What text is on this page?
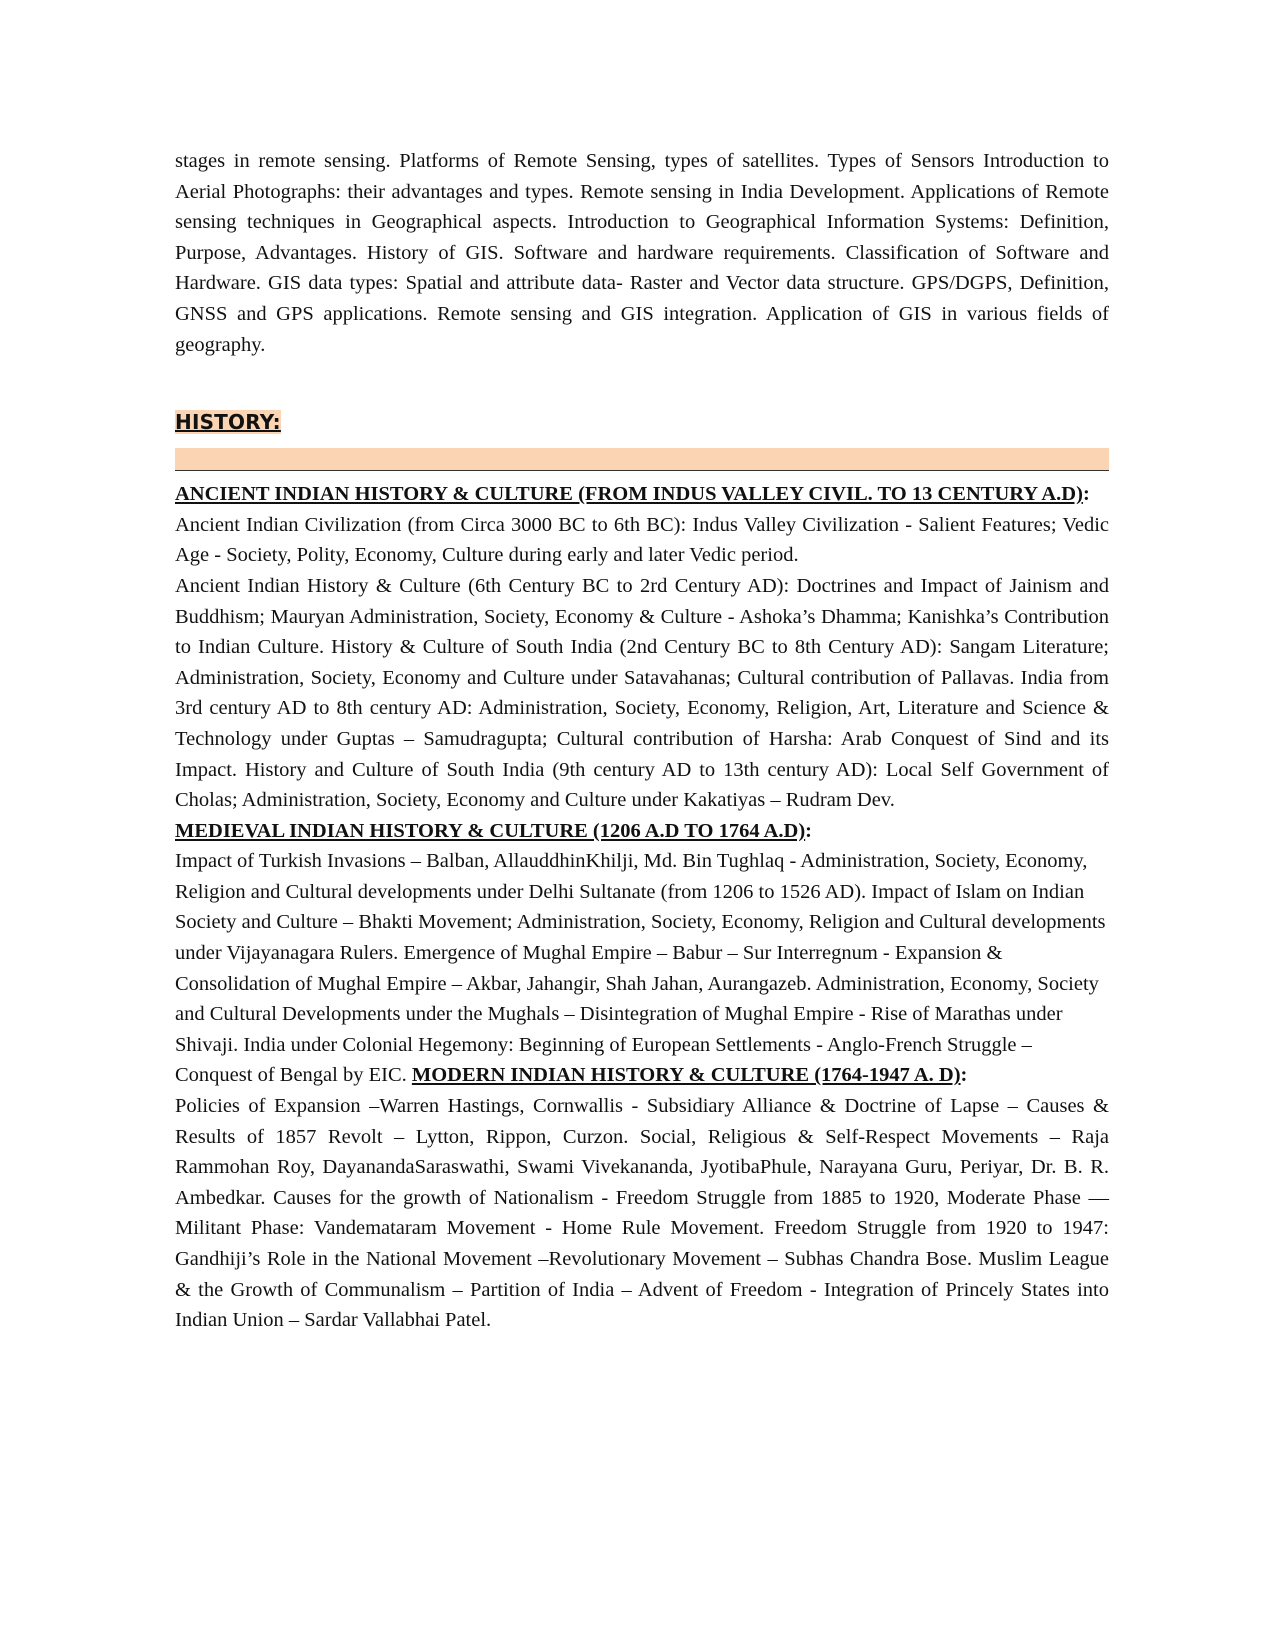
stages in remote sensing. Platforms of Remote Sensing, types of satellites. Types of Sensors Introduction to Aerial Photographs: their advantages and types. Remote sensing in India Development. Applications of Remote sensing techniques in Geographical aspects. Introduction to Geographical Information Systems: Definition, Purpose, Advantages. History of GIS. Software and hardware requirements. Classification of Software and Hardware. GIS data types: Spatial and attribute data- Raster and Vector data structure. GPS/DGPS, Definition, GNSS and GPS applications. Remote sensing and GIS integration. Application of GIS in various fields of geography.

HISTORY:

ANCIENT INDIAN HISTORY & CULTURE (FROM INDUS VALLEY CIVIL. TO 13 CENTURY A.D):

Ancient Indian Civilization (from Circa 3000 BC to 6th BC): Indus Valley Civilization - Salient Features; Vedic Age - Society, Polity, Economy, Culture during early and later Vedic period.

Ancient Indian History & Culture (6th Century BC to 2rd Century AD): Doctrines and Impact of Jainism and Buddhism; Mauryan Administration, Society, Economy & Culture - Ashoka’s Dhamma; Kanishka’s Contribution to Indian Culture. History & Culture of South India (2nd Century BC to 8th Century AD): Sangam Literature; Administration, Society, Economy and Culture under Satavahanas; Cultural contribution of Pallavas. India from 3rd century AD to 8th century AD: Administration, Society, Economy, Religion, Art, Literature and Science & Technology under Guptas – Samudragupta; Cultural contribution of Harsha: Arab Conquest of Sind and its Impact. History and Culture of South India (9th century AD to 13th century AD): Local Self Government of Cholas; Administration, Society, Economy and Culture under Kakatiyas – Rudram Dev.

MEDIEVAL INDIAN HISTORY & CULTURE (1206 A.D TO 1764 A.D):

Impact of Turkish Invasions – Balban, AllauddhinKhilji, Md. Bin Tughlaq - Administration, Society, Economy, Religion and Cultural developments under Delhi Sultanate (from 1206 to 1526 AD). Impact of Islam on Indian Society and Culture – Bhakti Movement; Administration, Society, Economy, Religion and Cultural developments under Vijayanagara Rulers. Emergence of Mughal Empire – Babur – Sur Interregnum - Expansion & Consolidation of Mughal Empire – Akbar, Jahangir, Shah Jahan, Aurangazeb. Administration, Economy, Society and Cultural Developments under the Mughals – Disintegration of Mughal Empire - Rise of Marathas under Shivaji. India under Colonial Hegemony: Beginning of European Settlements - Anglo-French Struggle – Conquest of Bengal by EIC. MODERN INDIAN HISTORY & CULTURE (1764-1947 A. D):

Policies of Expansion –Warren Hastings, Cornwallis - Subsidiary Alliance & Doctrine of Lapse – Causes & Results of 1857 Revolt – Lytton, Rippon, Curzon. Social, Religious & Self-Respect Movements – Raja Rammohan Roy, DayanandaSaraswathi, Swami Vivekananda, JyotibaPhule, Narayana Guru, Periyar, Dr. B. R. Ambedkar. Causes for the growth of Nationalism - Freedom Struggle from 1885 to 1920, Moderate Phase — Militant Phase: Vandemataram Movement - Home Rule Movement. Freedom Struggle from 1920 to 1947: Gandhiji’s Role in the National Movement –Revolutionary Movement – Subhas Chandra Bose. Muslim League & the Growth of Communalism – Partition of India – Advent of Freedom - Integration of Princely States into Indian Union – Sardar Vallabhai Patel.
